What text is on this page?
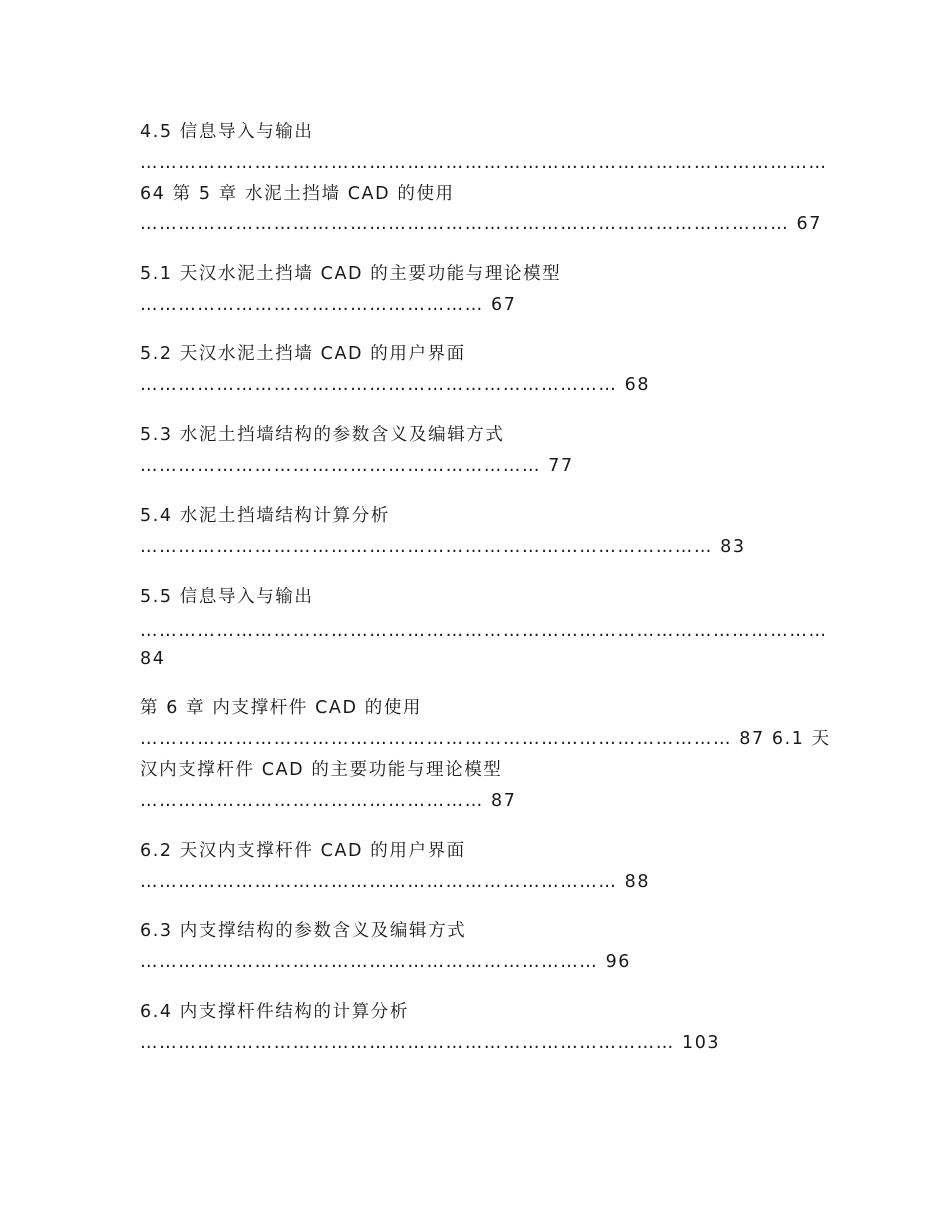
4.5 信息导入与输出
………………………………………………………………………………………………
64 第 5 章 水泥土挡墙 CAD 的使用
………………………………………………………………………………………… 67
5.1 天汉水泥土挡墙 CAD 的主要功能与理论模型
……………………………………………… 67
5.2 天汉水泥土挡墙 CAD 的用户界面
………………………………………………………………… 68
5.3 水泥土挡墙结构的参数含义及编辑方式
……………………………………………………… 77
5.4 水泥土挡墙结构计算分析
……………………………………………………………………………… 83
5.5 信息导入与输出
………………………………………………………………………………………………
84
第 6 章 内支撑杆件 CAD 的使用
………………………………………………………………………………… 87 6.1 天
汉内支撑杆件 CAD 的主要功能与理论模型
……………………………………………… 87
6.2 天汉内支撑杆件 CAD 的用户界面
………………………………………………………………… 88
6.3 内支撑结构的参数含义及编辑方式
……………………………………………………………… 96
6.4 内支撑杆件结构的计算分析
………………………………………………………………………… 103
